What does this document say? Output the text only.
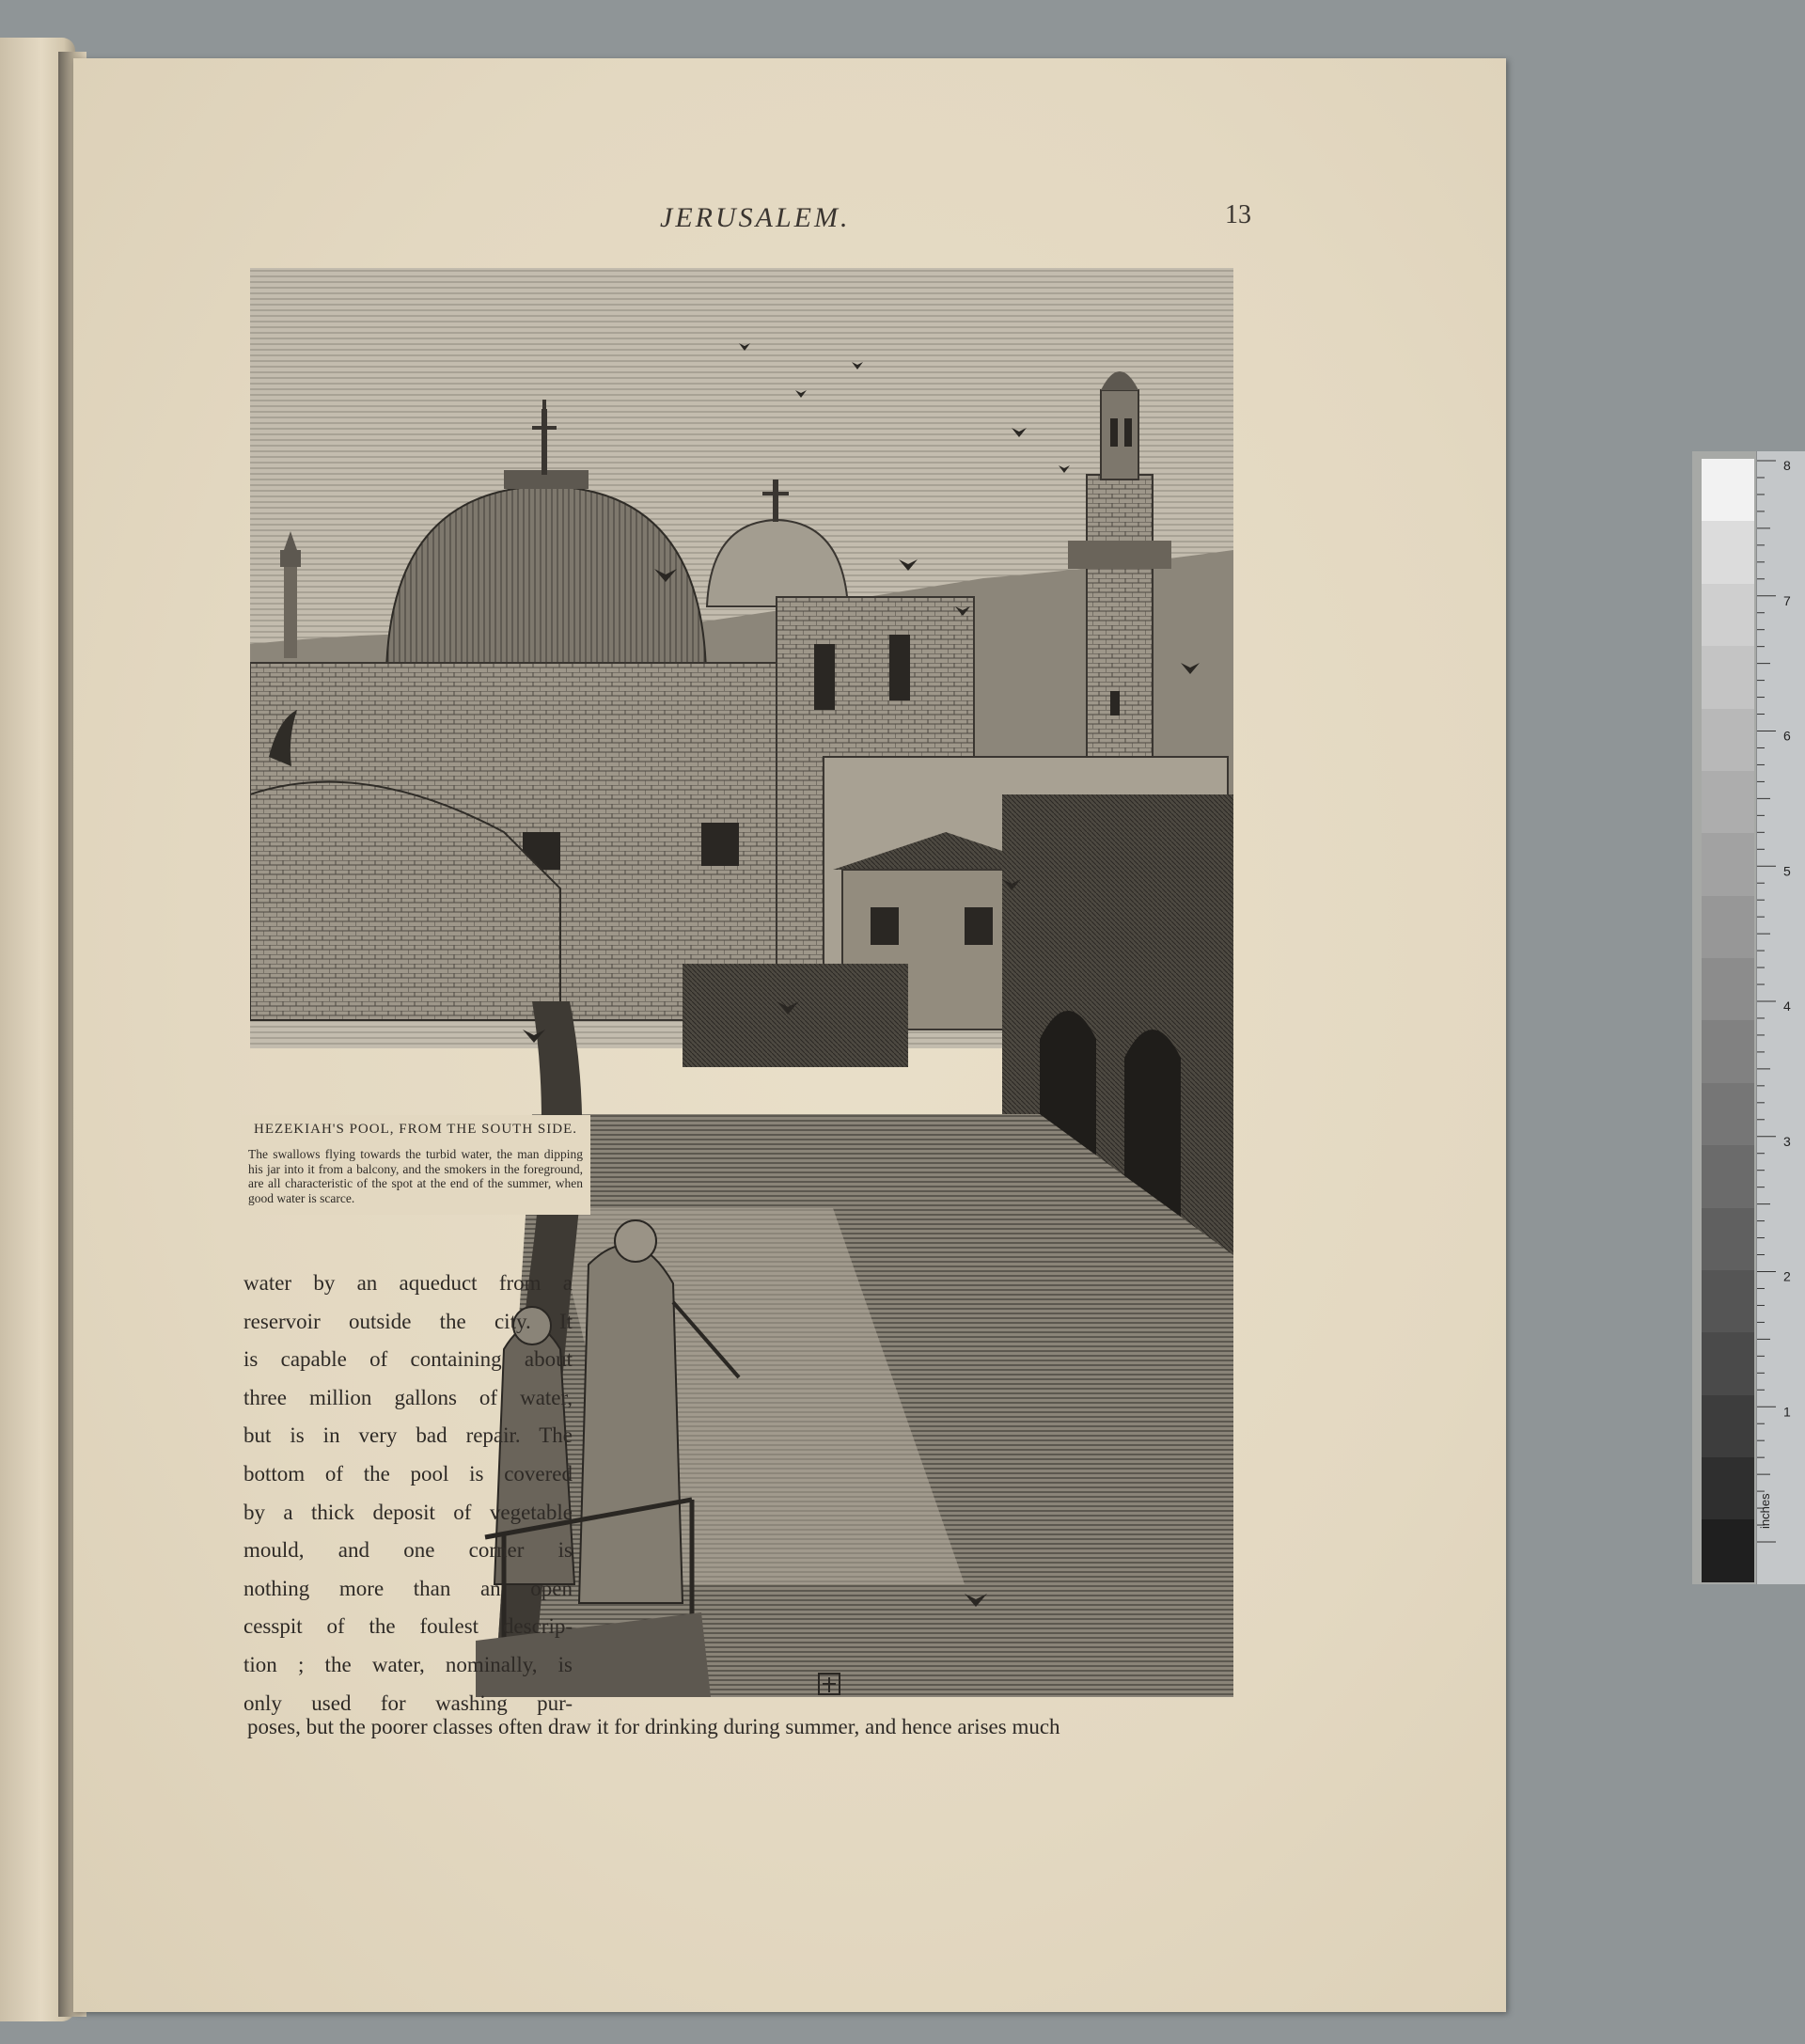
JERUSALEM.	13

HEZEKIAH'S POOL, FROM THE SOUTH SIDE.

The swallows flying towards the turbid water, the man dipping his jar into it from a balcony, and the smokers in the foreground, are all characteristic of the spot at the end of the summer, when good water is scarce.

water by an aqueduct from a
reservoir outside the city. It
is capable of containing about
three million gallons of water,
but is in very bad repair. The
bottom of the pool is covered
by a thick deposit of vegetable
mould, and one corner is
nothing more than an open
cesspit of the foulest descrip-
tion ; the water, nominally, is
only used for washing pur-
poses, but the poorer classes often draw it for drinking during summer, and hence arises much
8
7
6
5
4
3
2
1
inches
